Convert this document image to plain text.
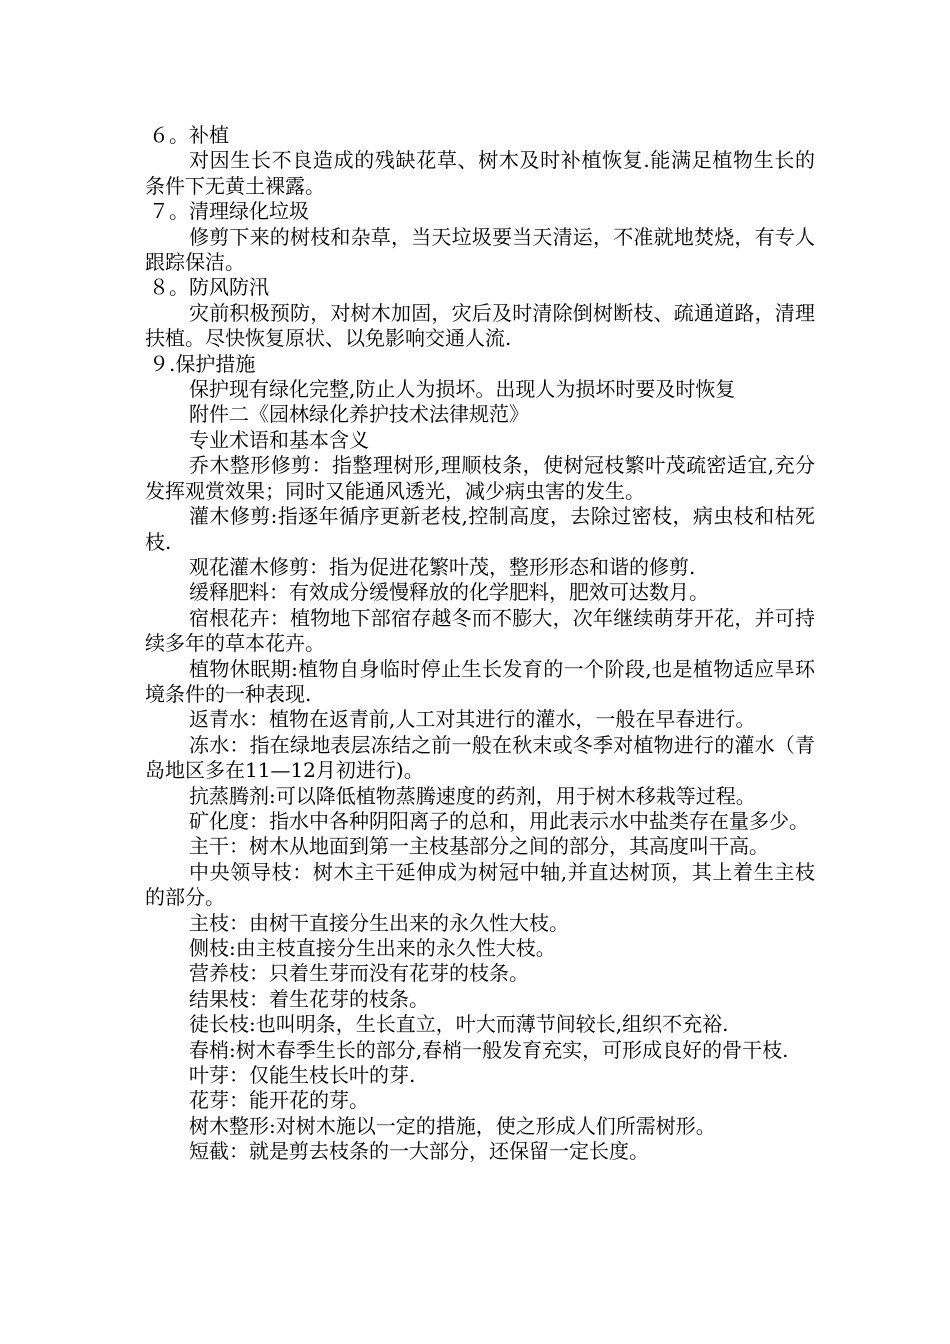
６。补植

对因生长不良造成的残缺花草、树木及时补植恢复.能满足植物生长的条件下无黄土裸露。

７。清理绿化垃圾

修剪下来的树枝和杂草，当天垃圾要当天清运，不准就地焚烧，有专人跟踪保洁。

８。防风防汛

灾前积极预防，对树木加固，灾后及时清除倒树断枝、疏通道路，清理扶植。尽快恢复原状、以免影响交通人流.

９.保护措施

保护现有绿化完整,防止人为损坏。出现人为损坏时要及时恢复

附件二《园林绿化养护技术法律规范》

专业术语和基本含义

乔木整形修剪：指整理树形,理顺枝条，使树冠枝繁叶茂疏密适宜,充分发挥观赏效果；同时又能通风透光，减少病虫害的发生。

灌木修剪:指逐年循序更新老枝,控制高度，去除过密枝，病虫枝和枯死枝.

观花灌木修剪：指为促进花繁叶茂，整形形态和谐的修剪.

缓释肥料：有效成分缓慢释放的化学肥料，肥效可达数月。

宿根花卉：植物地下部宿存越冬而不膨大，次年继续萌芽开花，并可持续多年的草本花卉。

植物休眠期:植物自身临时停止生长发育的一个阶段,也是植物适应旱环境条件的一种表现.

返青水：植物在返青前,人工对其进行的灌水，一般在早春进行。

冻水：指在绿地表层冻结之前一般在秋末或冬季对植物进行的灌水（青岛地区多在11—12月初进行)。

抗蒸腾剂:可以降低植物蒸腾速度的药剂，用于树木移栽等过程。

矿化度：指水中各种阴阳离子的总和，用此表示水中盐类存在量多少。

主干：树木从地面到第一主枝基部分之间的部分，其高度叫干高。

中央领导枝：树木主干延伸成为树冠中轴,并直达树顶，其上着生主枝的部分。

主枝：由树干直接分生出来的永久性大枝。

侧枝:由主枝直接分生出来的永久性大枝。

营养枝：只着生芽而没有花芽的枝条。

结果枝：着生花芽的枝条。

徒长枝:也叫明条，生长直立，叶大而薄节间较长,组织不充裕.

春梢:树木春季生长的部分,春梢一般发育充实，可形成良好的骨干枝.

叶芽：仅能生枝长叶的芽.

花芽：能开花的芽。

树木整形:对树木施以一定的措施，使之形成人们所需树形。

短截：就是剪去枝条的一大部分，还保留一定长度。
